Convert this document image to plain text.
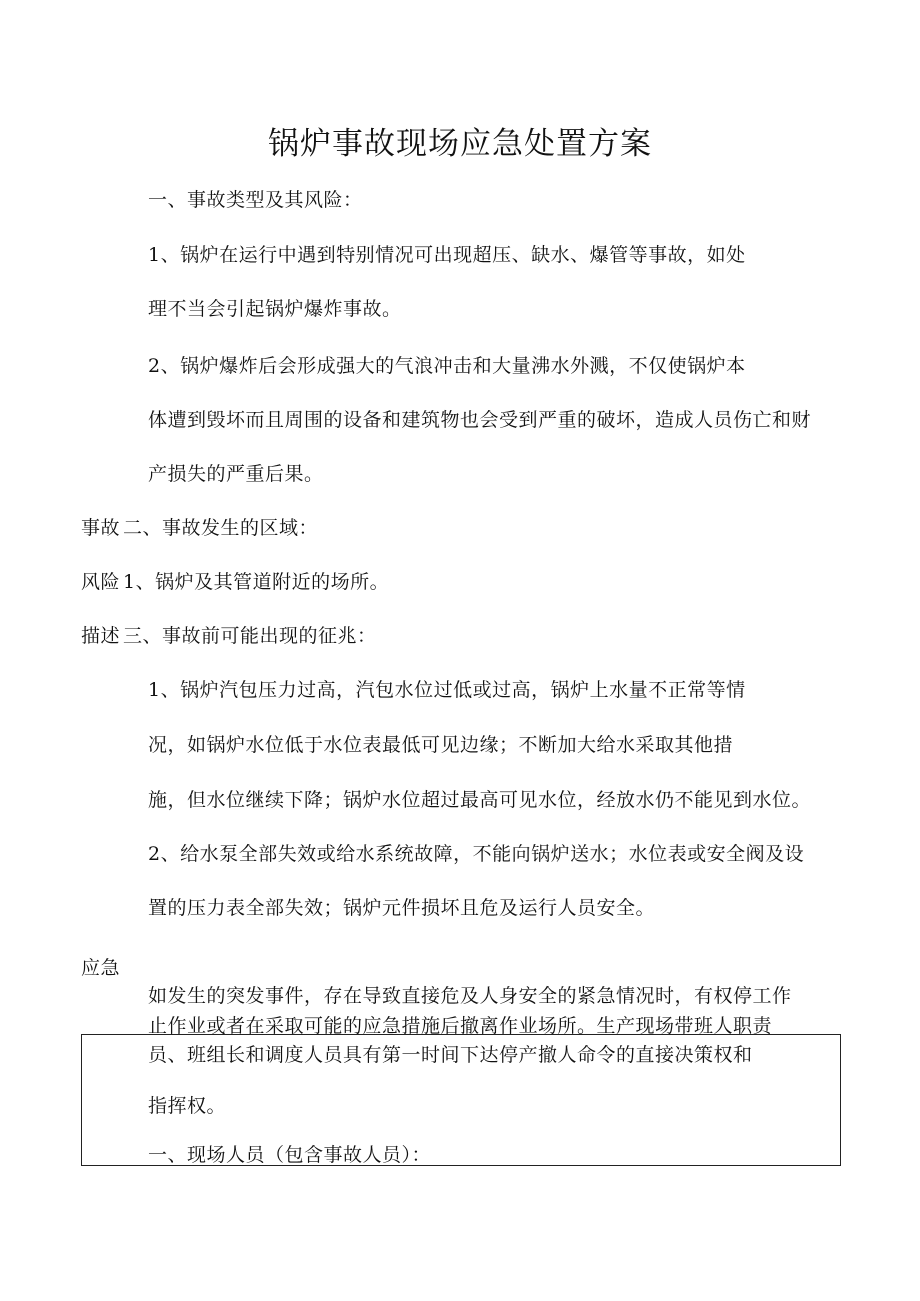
锅炉事故现场应急处置方案
一、事故类型及其风险：
1、锅炉在运行中遇到特别情况可出现超压、缺水、爆管等事故，如处
理不当会引起锅炉爆炸事故。
2、锅炉爆炸后会形成强大的气浪冲击和大量沸水外溅，不仅使锅炉本
体遭到毁坏而且周围的设备和建筑物也会受到严重的破坏，造成人员伤亡和财
产损失的严重后果。
事故 二、事故发生的区域：
风险 1、锅炉及其管道附近的场所。
描述 三、事故前可能出现的征兆：
1、锅炉汽包压力过高，汽包水位过低或过高，锅炉上水量不正常等情
况，如锅炉水位低于水位表最低可见边缘；不断加大给水采取其他措
施，但水位继续下降；锅炉水位超过最高可见水位，经放水仍不能见到水位。
2、给水泵全部失效或给水系统故障，不能向锅炉送水；水位表或安全阀及设
置的压力表全部失效；锅炉元件损坏且危及运行人员安全。
应急
如发生的突发事件，存在导致直接危及人身安全的紧急情况时，有权停工作
止作业或者在采取可能的应急措施后撤离作业场所。生产现场带班人职责
员、班组长和调度人员具有第一时间下达停产撤人命令的直接决策权和
指挥权。
一、现场人员（包含事故人员）：
